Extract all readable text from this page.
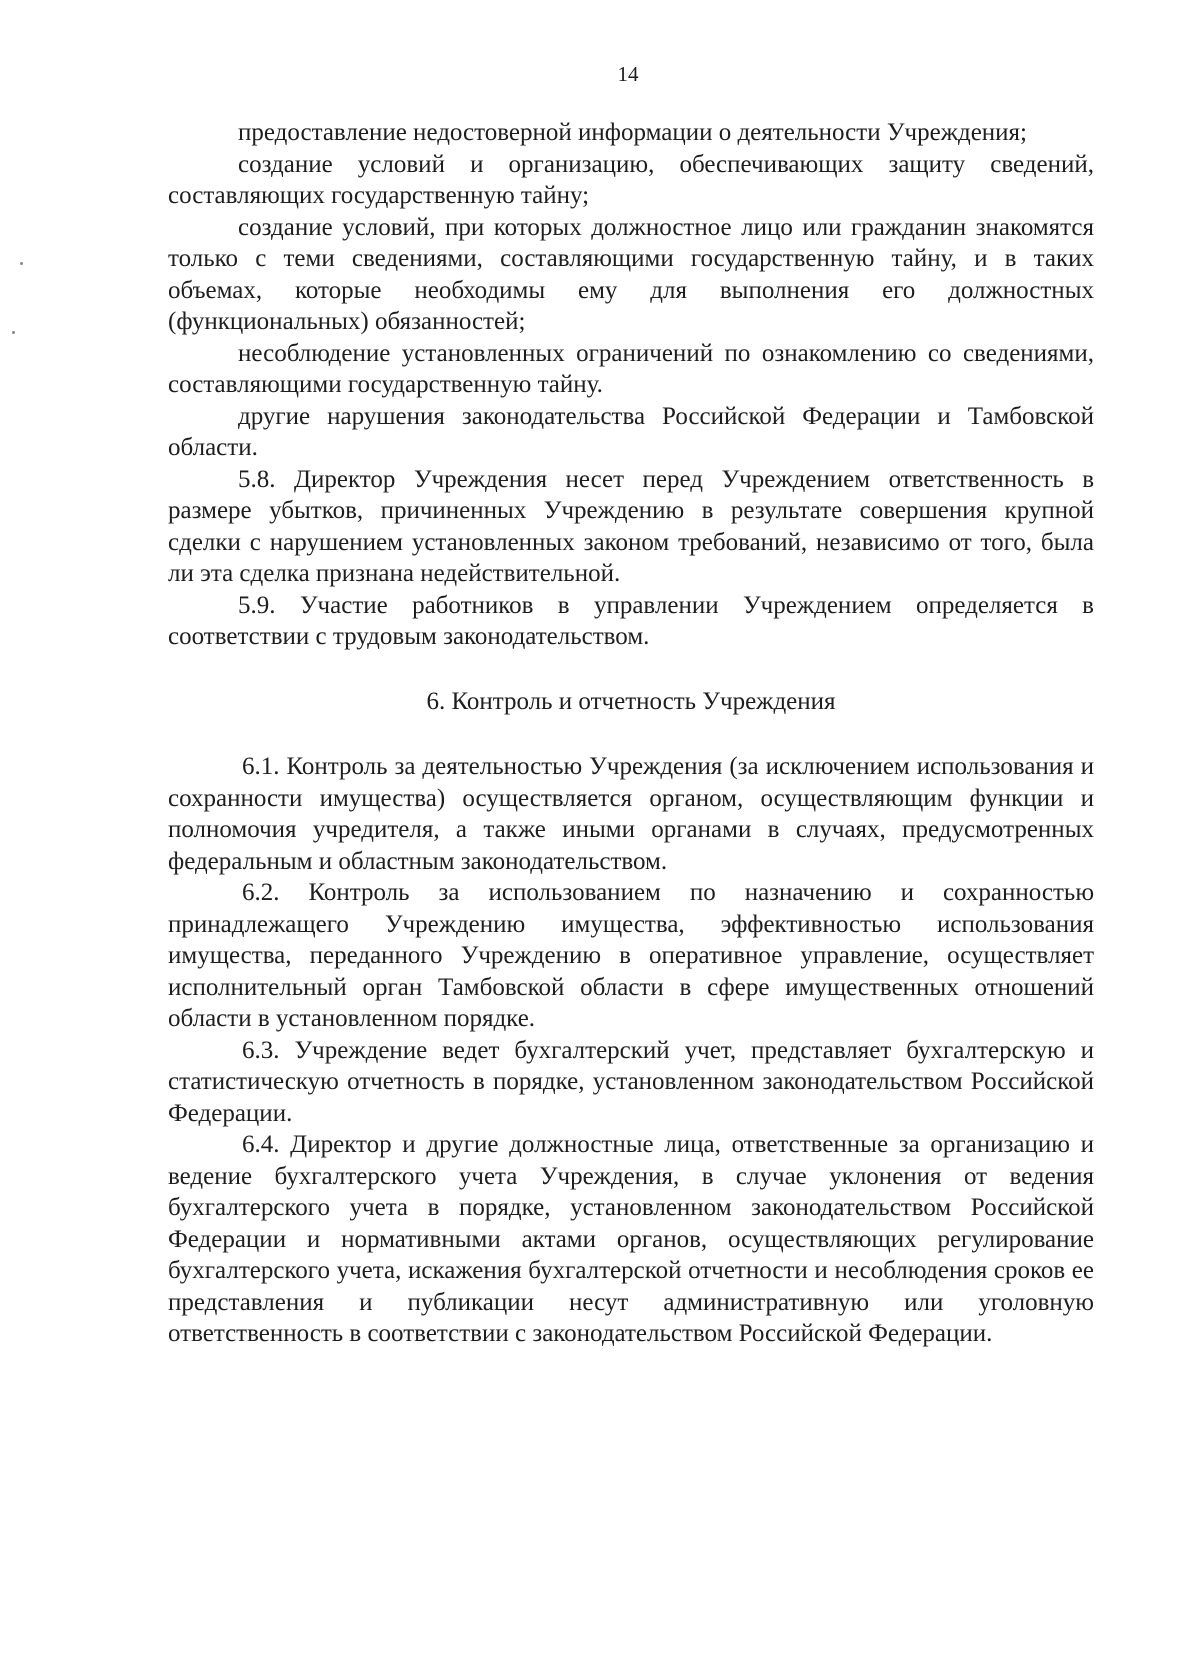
14

предоставление недостоверной информации о деятельности Учреждения;

создание условий и организацию, обеспечивающих защиту сведений, составляющих государственную тайну;

создание условий, при которых должностное лицо или гражданин знакомятся только с теми сведениями, составляющими государственную тайну, и в таких объемах, которые необходимы ему для выполнения его должностных (функциональных) обязанностей;

несоблюдение установленных ограничений по ознакомлению со сведениями, составляющими государственную тайну.

другие нарушения законодательства Российской Федерации и Тамбовской области.

5.8. Директор Учреждения несет перед Учреждением ответственность в размере убытков, причиненных Учреждению в результате совершения крупной сделки с нарушением установленных законом требований, независимо от того, была ли эта сделка признана недействительной.

5.9. Участие работников в управлении Учреждением определяется в соответствии с трудовым законодательством.

6. Контроль и отчетность Учреждения

6.1. Контроль за деятельностью Учреждения (за исключением использования и сохранности имущества) осуществляется органом, осуществляющим функции и полномочия учредителя, а также иными органами в случаях, предусмотренных федеральным и областным законодательством.

6.2. Контроль за использованием по назначению и сохранностью принадлежащего Учреждению имущества, эффективностью использования имущества, переданного Учреждению в оперативное управление, осуществляет исполнительный орган Тамбовской области в сфере имущественных отношений области в установленном порядке.

6.3. Учреждение ведет бухгалтерский учет, представляет бухгалтерскую и статистическую отчетность в порядке, установленном законодательством Российской Федерации.

6.4. Директор и другие должностные лица, ответственные за организацию и ведение бухгалтерского учета Учреждения, в случае уклонения от ведения бухгалтерского учета в порядке, установленном законодательством Российской Федерации и нормативными актами органов, осуществляющих регулирование бухгалтерского учета, искажения бухгалтерской отчетности и несоблюдения сроков ее представления и публикации несут административную или уголовную ответственность в соответствии с законодательством Российской Федерации.
